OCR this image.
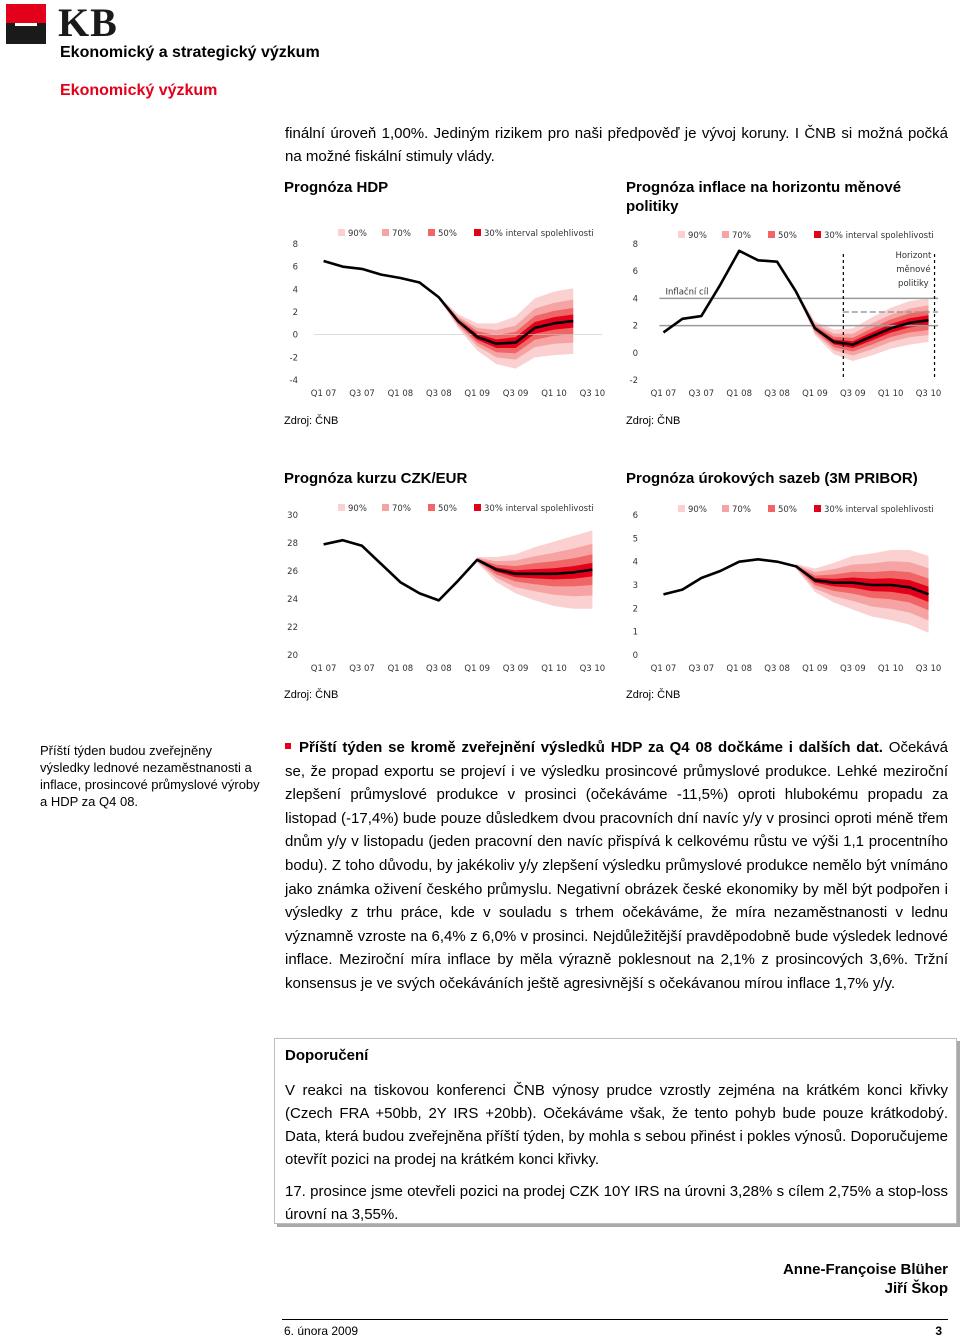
KB
Ekonomický a strategický výzkum
Ekonomický výzkum
finální úroveň 1,00%. Jediným rizikem pro naši předpověď je vývoj koruny. I ČNB si možná počká na možné fiskální stimuly vlády.
Prognóza HDP	Prognóza inflace na horizontu měnové politiky
Prognóza kurzu CZK/EUR	Prognóza úrokových sazeb (3M PRIBOR)
Zdroj: ČNB	Zdroj: ČNB
Zdroj: ČNB	Zdroj: ČNB
-4
-2
0
2
4
6
8
Q1 07 Q3 07 Q1 08 Q3 08 Q1 09 Q3 09 Q1 10 Q3 10
90%	70%	50%	30% interval spolehlivosti
-2
0
2
4
6
8
Q1 07 Q3 07 Q1 08 Q3 08 Q1 09 Q3 09 Q1 10 Q3 10
Inflační cíl
Horizont
měnové
politiky
90%	70%	50%	30% interval spolehlivosti
20
22
24
26
28
30
Q1 07 Q3 07 Q1 08 Q3 08 Q1 09 Q3 09 Q1 10 Q3 10
90%	70%	50%	30% interval spolehlivosti
0
1
2
3
4
5
6
Q1 07 Q3 07 Q1 08 Q3 08 Q1 09 Q3 09 Q1 10 Q3 10
90%	70%	50%	30% interval spolehlivosti
Příští týden budou zveřejněny výsledky lednové nezaměstnanosti a inflace, prosincové průmyslové výroby a HDP za Q4 08.
Příští týden se kromě zveřejnění výsledků HDP za Q4 08 dočkáme i dalších dat. Očekává se, že propad exportu se projeví i ve výsledku prosincové průmyslové produkce. Lehké meziroční zlepšení průmyslové produkce v prosinci (očekáváme -11,5%) oproti hlubokému propadu za listopad (-17,4%) bude pouze důsledkem dvou pracovních dní navíc y/y v prosinci oproti méně třem dnům y/y v listopadu (jeden pracovní den navíc přispívá k celkovému růstu ve výši 1,1 procentního bodu). Z toho důvodu, by jakékoliv y/y zlepšení výsledku průmyslové produkce nemělo být vnímáno jako známka oživení českého průmyslu. Negativní obrázek české ekonomiky by měl být podpořen i výsledky z trhu práce, kde v souladu s trhem očekáváme, že míra nezaměstnanosti v lednu významně vzroste na 6,4% z 6,0% v prosinci. Nejdůležitější pravděpodobně bude výsledek lednové inflace. Meziroční míra inflace by měla výrazně poklesnout na 2,1% z prosincových 3,6%. Tržní konsensus je ve svých očekáváních ještě agresivnější s očekávanou mírou inflace 1,7% y/y.
Doporučení
V reakci na tiskovou konferenci ČNB výnosy prudce vzrostly zejména na krátkém konci křivky (Czech FRA +50bb, 2Y IRS +20bb). Očekáváme však, že tento pohyb bude pouze krátkodobý. Data, která budou zveřejněna příští týden, by mohla s sebou přinést i pokles výnosů. Doporučujeme otevřít pozici na prodej na krátkém konci křivky.
17. prosince jsme otevřeli pozici na prodej CZK 10Y IRS na úrovni 3,28% s cílem 2,75% a stop-loss úrovní na 3,55%.
Anne-Françoise Blüher
Jiří Škop
6. února 2009	3
